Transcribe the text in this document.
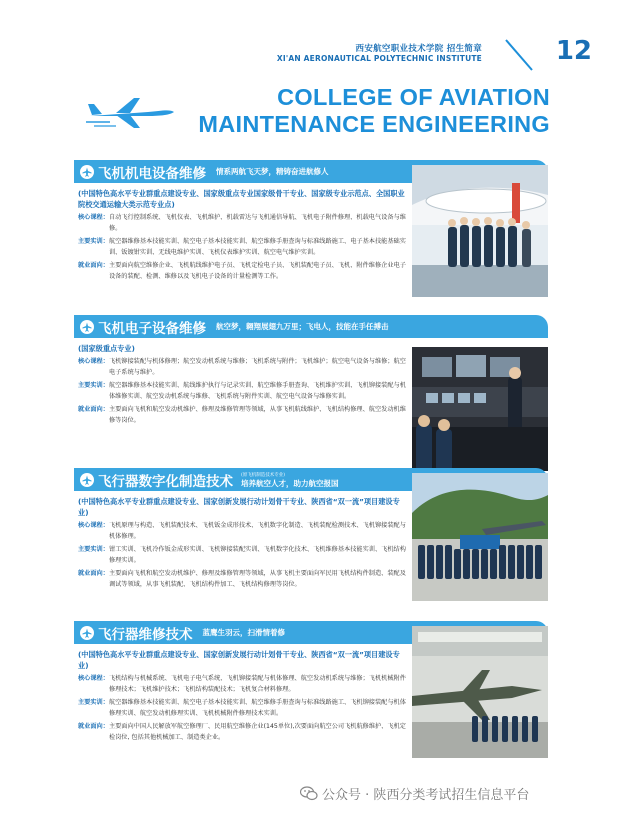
西安航空职业技术学院 招生简章
XI'AN AERONAUTICAL POLYTECHNIC INSTITUTE	12
COLLEGE OF AVIATION
MAINTENANCE ENGINEERING
飞机机电设备维修 情系两航飞天梦，精铸奋进航修人
(中国特色高水平专业群重点建设专业、国家级重点专业国家级骨干专业、国家级专业示范点、全国职业院校交通运输大类示范专业点)
核心课程： 自动飞行控制系统、飞机仪表、飞机维护、机载雷达与飞机通信导航、飞机电子附件修理、机载电气设备与维修。
主要实训： 航空器维修基本技能实训、航空电子基本技能实训、航空维修手册查询与标准线路施工、电子基本技能基础实训、钣镀钳实训、无线电维护实训、飞机仪表维护实训、航空电气维护实训。
就业面向： 主要面向航空维修企业、飞机航线维护电子员、飞机定检电子员、飞机装配电子员、飞机、附件维修企业电子设备的装配、检测、维修以及飞机电子设备的计量检测等工作。
飞机电子设备维修 航空梦，翱翔展翅九万里；飞电人，技能在手任搏击
(国家级重点专业)
核心课程： 飞机铆接装配与机体修理；航空发动机系统与维修；飞机系统与附件；飞机维护；航空电气设备与维修；航空电子系统与维护。
主要实训： 航空器维修基本技能实训、航线维护执行与记录实训、航空维修手册查询、飞机维护实训、飞机铆接装配与机体维修实训、航空发动机系统与维修、飞机系统与附件实训、航空电气设备与维修实训。
就业面向： 主要面向飞机和航空发动机维护、修理及维修管理等领域，从事飞机航线维护、飞机结构修理、航空发动机维修等岗位。
飞行器数字化制造技术 (原飞机制造技术专业)
培养航空人才，助力航空报国
(中国特色高水平专业群重点建设专业、国家创新发展行动计划骨干专业、陕西省“双一流”项目建设专业)
核心课程： 飞机原理与构造、飞机装配技术、飞机钣金成形技术、飞机数字化制造、飞机装配检测技术、飞机铆接装配与机体修理。
主要实训： 钳工实训、飞机冷作钣金成形实训、飞机铆接装配实训、飞机数字化技术、飞机维修基本技能实训、飞机结构修理实训。
就业面向： 主要面向飞机和航空发动机维护、修理及维修管理等领域，从事飞机主要面向军民用飞机结构件制造、装配及调试等领域，从事飞机装配、飞机结构件加工、飞机结构修理等岗位。
飞行器维修技术 蓝鹰生羽云，扫滑情着修
(中国特色高水平专业群重点建设专业、国家创新发展行动计划骨干专业、陕西省“双一流”项目建设专业)
核心课程： 飞机结构与机械系统、飞机电子电气系统、飞机铆接装配与机体修理、航空发动机系统与维修；飞机机械附件修理技术；飞机维护技术；飞机结构装配技术；飞机复合材料修理。
主要实训： 航空器维修基本技能实训、航空电子基本技能实训、航空维修手册查询与标准线路施工、飞机铆接装配与机体修理实训、航空发动机修理实训、飞机机械附件修理技术实训。
就业面向： 主要面向中国人民解放军航空修理厂、民用航空维修企业(145单位),次要面向航空公司飞机航修维护、飞机定检岗位, 包括其他机械加工、制造类企业。
公众号 · 陕西分类考试招生信息平台
